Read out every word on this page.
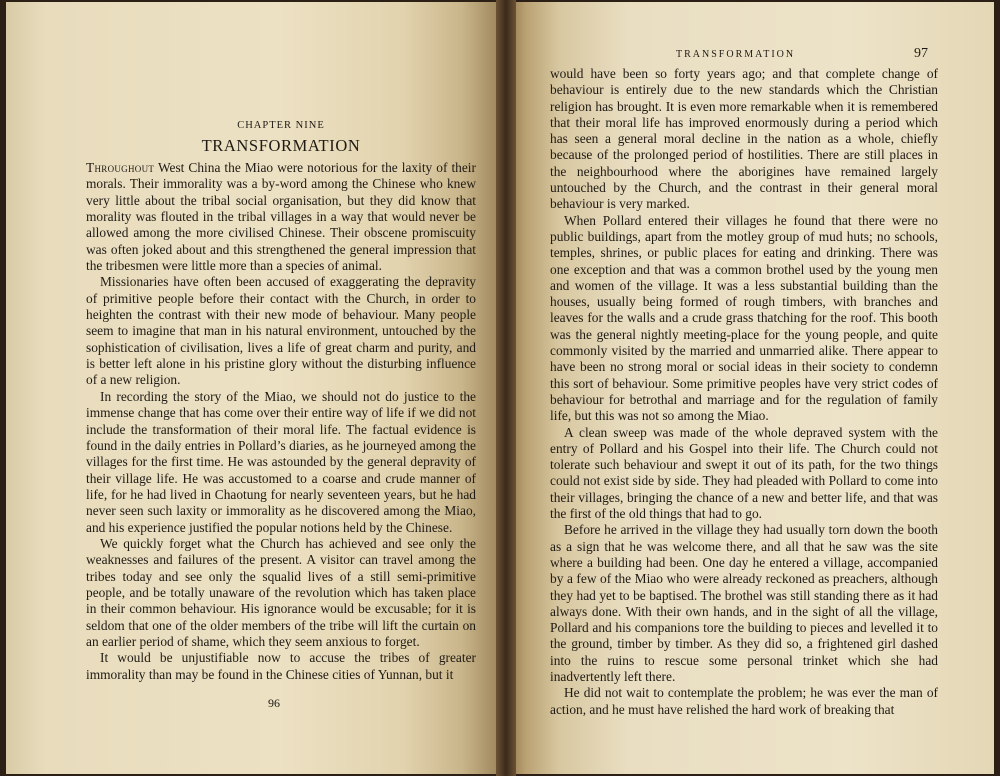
CHAPTER NINE
TRANSFORMATION

Throughout West China the Miao were notorious for the laxity of their morals. Their immorality was a by-word among the Chinese who knew very little about the tribal social organisation, but they did know that morality was flouted in the tribal villages in a way that would never be allowed among the more civilised Chinese. Their obscene promiscuity was often joked about and this strengthened the general impression that the tribesmen were little more than a species of animal.

Missionaries have often been accused of exaggerating the depravity of primitive people before their contact with the Church, in order to heighten the contrast with their new mode of behaviour. Many people seem to imagine that man in his natural environment, untouched by the sophistication of civilisation, lives a life of great charm and purity, and is better left alone in his pristine glory without the disturbing influence of a new religion.

In recording the story of the Miao, we should not do justice to the immense change that has come over their entire way of life if we did not include the transformation of their moral life. The factual evidence is found in the daily entries in Pollard’s diaries, as he journeyed among the villages for the first time. He was astounded by the general depravity of their village life. He was accustomed to a coarse and crude manner of life, for he had lived in Chaotung for nearly seventeen years, but he had never seen such laxity or immorality as he discovered among the Miao, and his experience justified the popular notions held by the Chinese.

We quickly forget what the Church has achieved and see only the weaknesses and failures of the present. A visitor can travel among the tribes today and see only the squalid lives of a still semi-primitive people, and be totally unaware of the revolution which has taken place in their common behaviour. His ignorance would be excusable; for it is seldom that one of the older members of the tribe will lift the curtain on an earlier period of shame, which they seem anxious to forget.

It would be unjustifiable now to accuse the tribes of greater immorality than may be found in the Chinese cities of Yunnan, but it

96
TRANSFORMATION	97

would have been so forty years ago; and that complete change of behaviour is entirely due to the new standards which the Christian religion has brought. It is even more remarkable when it is remembered that their moral life has improved enormously during a period which has seen a general moral decline in the nation as a whole, chiefly because of the prolonged period of hostilities. There are still places in the neighbourhood where the aborigines have remained largely untouched by the Church, and the contrast in their general moral behaviour is very marked.

When Pollard entered their villages he found that there were no public buildings, apart from the motley group of mud huts; no schools, temples, shrines, or public places for eating and drinking. There was one exception and that was a common brothel used by the young men and women of the village. It was a less substantial building than the houses, usually being formed of rough timbers, with branches and leaves for the walls and a crude grass thatching for the roof. This booth was the general nightly meeting-place for the young people, and quite commonly visited by the married and unmarried alike. There appear to have been no strong moral or social ideas in their society to condemn this sort of behaviour. Some primitive peoples have very strict codes of behaviour for betrothal and marriage and for the regulation of family life, but this was not so among the Miao.

A clean sweep was made of the whole depraved system with the entry of Pollard and his Gospel into their life. The Church could not tolerate such behaviour and swept it out of its path, for the two things could not exist side by side. They had pleaded with Pollard to come into their villages, bringing the chance of a new and better life, and that was the first of the old things that had to go.

Before he arrived in the village they had usually torn down the booth as a sign that he was welcome there, and all that he saw was the site where a building had been. One day he entered a village, accompanied by a few of the Miao who were already reckoned as preachers, although they had yet to be baptised. The brothel was still standing there as it had always done. With their own hands, and in the sight of all the village, Pollard and his companions tore the building to pieces and levelled it to the ground, timber by timber. As they did so, a frightened girl dashed into the ruins to rescue some personal trinket which she had inadvertently left there.

He did not wait to contemplate the problem; he was ever the man of action, and he must have relished the hard work of breaking that
